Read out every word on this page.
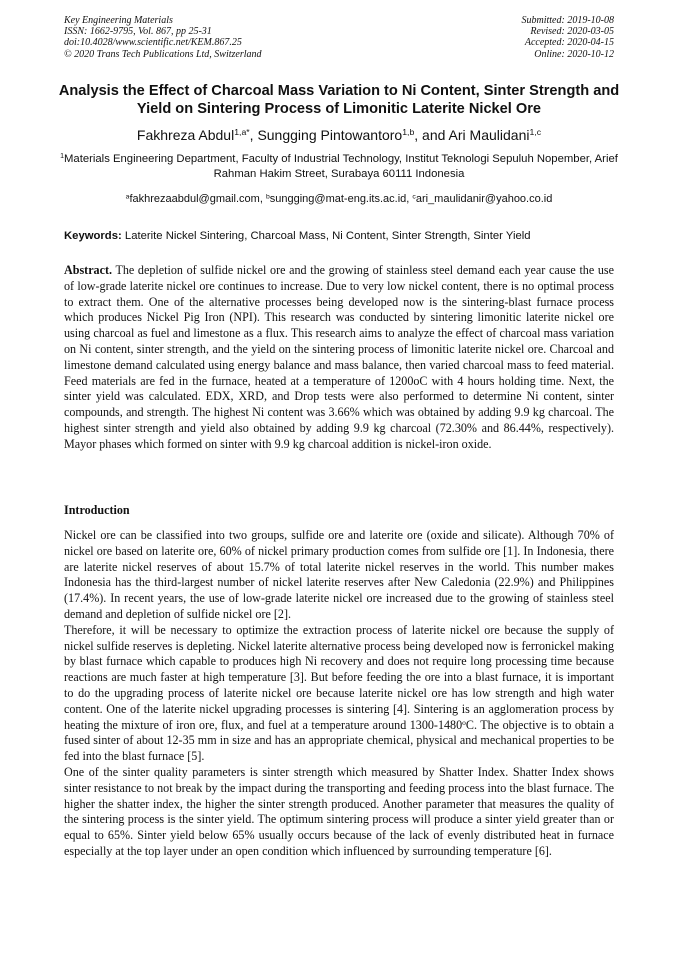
Key Engineering Materials
ISSN: 1662-9795, Vol. 867, pp 25-31
doi:10.4028/www.scientific.net/KEM.867.25
© 2020 Trans Tech Publications Ltd, Switzerland
Submitted: 2019-10-08
Revised: 2020-03-05
Accepted: 2020-04-15
Online: 2020-10-12
Analysis the Effect of Charcoal Mass Variation to Ni Content, Sinter Strength and Yield on Sintering Process of Limonitic Laterite Nickel Ore
Fakhreza Abdul$^{1,a*}$, Sungging Pintowantoro$^{1,b}$, and Ari Maulidani$^{1,c}$
$^1$Materials Engineering Department, Faculty of Industrial Technology, Institut Teknologi Sepuluh Nopember, Arief Rahman Hakim Street, Surabaya 60111 Indonesia
$^a$fakhrezaabdul@gmail.com, $^b$sungging@mat-eng.its.ac.id, $^c$ari_maulidanir@yahoo.co.id
Keywords: Laterite Nickel Sintering, Charcoal Mass, Ni Content, Sinter Strength, Sinter Yield
Abstract. The depletion of sulfide nickel ore and the growing of stainless steel demand each year cause the use of low-grade laterite nickel ore continues to increase. Due to very low nickel content, there is no optimal process to extract them. One of the alternative processes being developed now is the sintering-blast furnace process which produces Nickel Pig Iron (NPI). This research was conducted by sintering limonitic laterite nickel ore using charcoal as fuel and limestone as a flux. This research aims to analyze the effect of charcoal mass variation on Ni content, sinter strength, and the yield on the sintering process of limonitic laterite nickel ore. Charcoal and limestone demand calculated using energy balance and mass balance, then varied charcoal mass to feed material. Feed materials are fed in the furnace, heated at a temperature of 1200oC with 4 hours holding time. Next, the sinter yield was calculated. EDX, XRD, and Drop tests were also performed to determine Ni content, sinter compounds, and strength. The highest Ni content was 3.66% which was obtained by adding 9.9 kg charcoal. The highest sinter strength and yield also obtained by adding 9.9 kg charcoal (72.30% and 86.44%, respectively). Mayor phases which formed on sinter with 9.9 kg charcoal addition is nickel-iron oxide.
Introduction

Nickel ore can be classified into two groups, sulfide ore and laterite ore (oxide and silicate). Although 70% of nickel ore based on laterite ore, 60% of nickel primary production comes from sulfide ore [1]. In Indonesia, there are laterite nickel reserves of about 15.7% of total laterite nickel reserves in the world. This number makes Indonesia has the third-largest number of nickel laterite reserves after New Caledonia (22.9%) and Philippines (17.4%). In recent years, the use of low-grade laterite nickel ore increased due to the growing of stainless steel demand and depletion of sulfide nickel ore [2].

Therefore, it will be necessary to optimize the extraction process of laterite nickel ore because the supply of nickel sulfide reserves is depleting. Nickel laterite alternative process being developed now is ferronickel making by blast furnace which capable to produces high Ni recovery and does not require long processing time because reactions are much faster at high temperature [3]. But before feeding the ore into a blast furnace, it is important to do the upgrading process of laterite nickel ore because laterite nickel ore has low strength and high water content. One of the laterite nickel upgrading processes is sintering [4]. Sintering is an agglomeration process by heating the mixture of iron ore, flux, and fuel at a temperature around 1300-1480$^o$C. The objective is to obtain a fused sinter of about 12-35 mm in size and has an appropriate chemical, physical and mechanical properties to be fed into the blast furnace [5].

One of the sinter quality parameters is sinter strength which measured by Shatter Index. Shatter Index shows sinter resistance to not break by the impact during the transporting and feeding process into the blast furnace. The higher the shatter index, the higher the sinter strength produced. Another parameter that measures the quality of the sintering process is the sinter yield. The optimum sintering process will produce a sinter yield greater than or equal to 65%. Sinter yield below 65% usually occurs because of the lack of evenly distributed heat in furnace especially at the top layer under an open condition which influenced by surrounding temperature [6].
